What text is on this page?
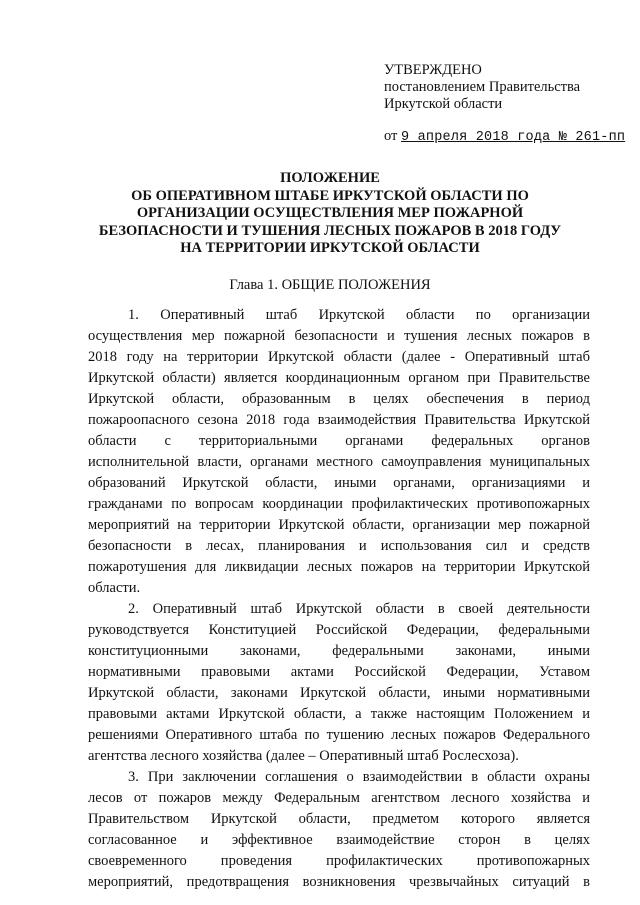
УТВЕРЖДЕНО
постановлением Правительства
Иркутской области
от 9 апреля 2018 года № 261-пп
ПОЛОЖЕНИЕ
ОБ ОПЕРАТИВНОМ ШТАБЕ ИРКУТСКОЙ ОБЛАСТИ ПО
ОРГАНИЗАЦИИ ОСУЩЕСТВЛЕНИЯ МЕР ПОЖАРНОЙ
БЕЗОПАСНОСТИ И ТУШЕНИЯ ЛЕСНЫХ ПОЖАРОВ В 2018 ГОДУ
НА ТЕРРИТОРИИ ИРКУТСКОЙ ОБЛАСТИ
Глава 1. ОБЩИЕ ПОЛОЖЕНИЯ
1. Оперативный штаб Иркутской области по организации
осуществления мер пожарной безопасности и тушения лесных пожаров в
2018 году на территории Иркутской области (далее - Оперативный штаб
Иркутской области) является координационным органом при Правительстве
Иркутской области, образованным в целях обеспечения в период
пожароопасного сезона 2018 года взаимодействия Правительства Иркутской
области с территориальными органами федеральных органов
исполнительной власти, органами местного самоуправления муниципальных
образований Иркутской области, иными органами, организациями и
гражданами по вопросам координации профилактических противопожарных
мероприятий на территории Иркутской области, организации мер пожарной
безопасности в лесах, планирования и использования сил и средств
пожаротушения для ликвидации лесных пожаров на территории Иркутской
области.
2. Оперативный штаб Иркутской области в своей деятельности
руководствуется Конституцией Российской Федерации, федеральными
конституционными законами, федеральными законами, иными
нормативными правовыми актами Российской Федерации, Уставом
Иркутской области, законами Иркутской области, иными нормативными
правовыми актами Иркутской области, а также настоящим Положением и
решениями Оперативного штаба по тушению лесных пожаров Федерального
агентства лесного хозяйства (далее – Оперативный штаб Рослесхоза).
3. При заключении соглашения о взаимодействии в области охраны
лесов от пожаров между Федеральным агентством лесного хозяйства и
Правительством Иркутской области, предметом которого является
согласованное и эффективное взаимодействие сторон в целях
своевременного проведения профилактических противопожарных
мероприятий, предотвращения возникновения чрезвычайных ситуаций в
